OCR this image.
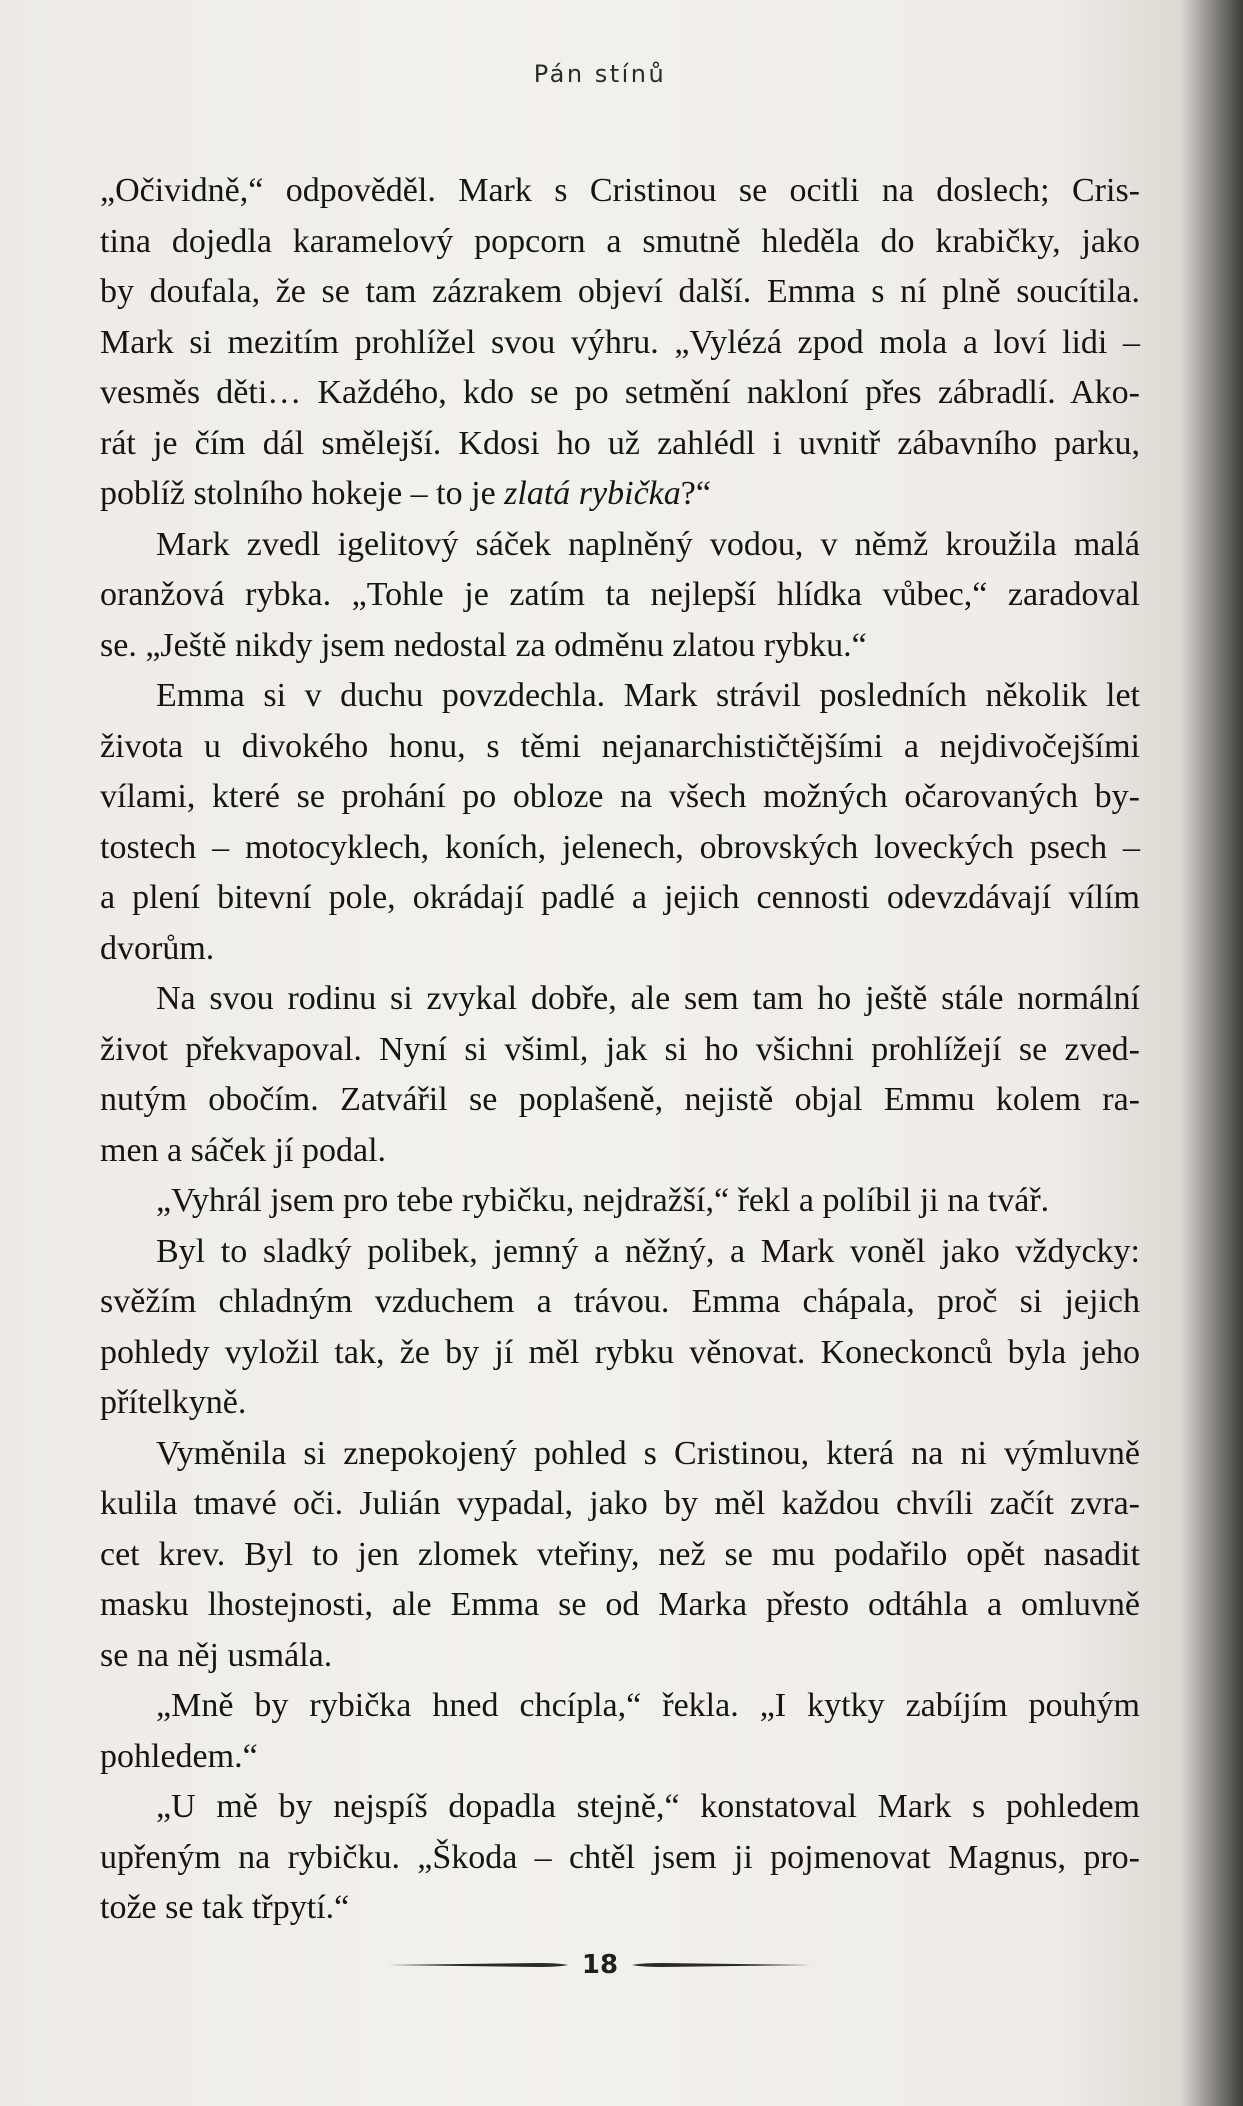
Pán stínů

„Očividně,“ odpověděl. Mark s Cristinou se ocitli na doslech; Cris-
tina dojedla karamelový popcorn a smutně hleděla do krabičky, jako
by doufala, že se tam zázrakem objeví další. Emma s ní plně soucítila.
Mark si mezitím prohlížel svou výhru. „Vylézá zpod mola a loví lidi –
vesměs děti… Každého, kdo se po setmění nakloní přes zábradlí. Ako-
rát je čím dál smělejší. Kdosi ho už zahlédl i uvnitř zábavního parku,
poblíž stolního hokeje – to je zlatá rybička?“

Mark zvedl igelitový sáček naplněný vodou, v němž kroužila malá
oranžová rybka. „Tohle je zatím ta nejlepší hlídka vůbec,“ zaradoval
se. „Ještě nikdy jsem nedostal za odměnu zlatou rybku.“

Emma si v duchu povzdechla. Mark strávil posledních několik let
života u divokého honu, s těmi nejanarchističtějšími a nejdivočejšími
vílami, které se prohání po obloze na všech možných očarovaných by-
tostech – motocyklech, koních, jelenech, obrovských loveckých psech –
a plení bitevní pole, okrádají padlé a jejich cennosti odevzdávají vílím
dvorům.

Na svou rodinu si zvykal dobře, ale sem tam ho ještě stále normální
život překvapoval. Nyní si všiml, jak si ho všichni prohlížejí se zved-
nutým obočím. Zatvářil se poplašeně, nejistě objal Emmu kolem ra-
men a sáček jí podal.

„Vyhrál jsem pro tebe rybičku, nejdražší,“ řekl a políbil ji na tvář.

Byl to sladký polibek, jemný a něžný, a Mark voněl jako vždycky:
svěžím chladným vzduchem a trávou. Emma chápala, proč si jejich
pohledy vyložil tak, že by jí měl rybku věnovat. Koneckonců byla jeho
přítelkyně.

Vyměnila si znepokojený pohled s Cristinou, která na ni výmluvně
kulila tmavé oči. Julián vypadal, jako by měl každou chvíli začít zvra-
cet krev. Byl to jen zlomek vteřiny, než se mu podařilo opět nasadit
masku lhostejnosti, ale Emma se od Marka přesto odtáhla a omluvně
se na něj usmála.

„Mně by rybička hned chcípla,“ řekla. „I kytky zabíjím pouhým
pohledem.“

„U mě by nejspíš dopadla stejně,“ konstatoval Mark s pohledem
upřeným na rybičku. „Škoda – chtěl jsem ji pojmenovat Magnus, pro-
tože se tak třpytí.“

18
